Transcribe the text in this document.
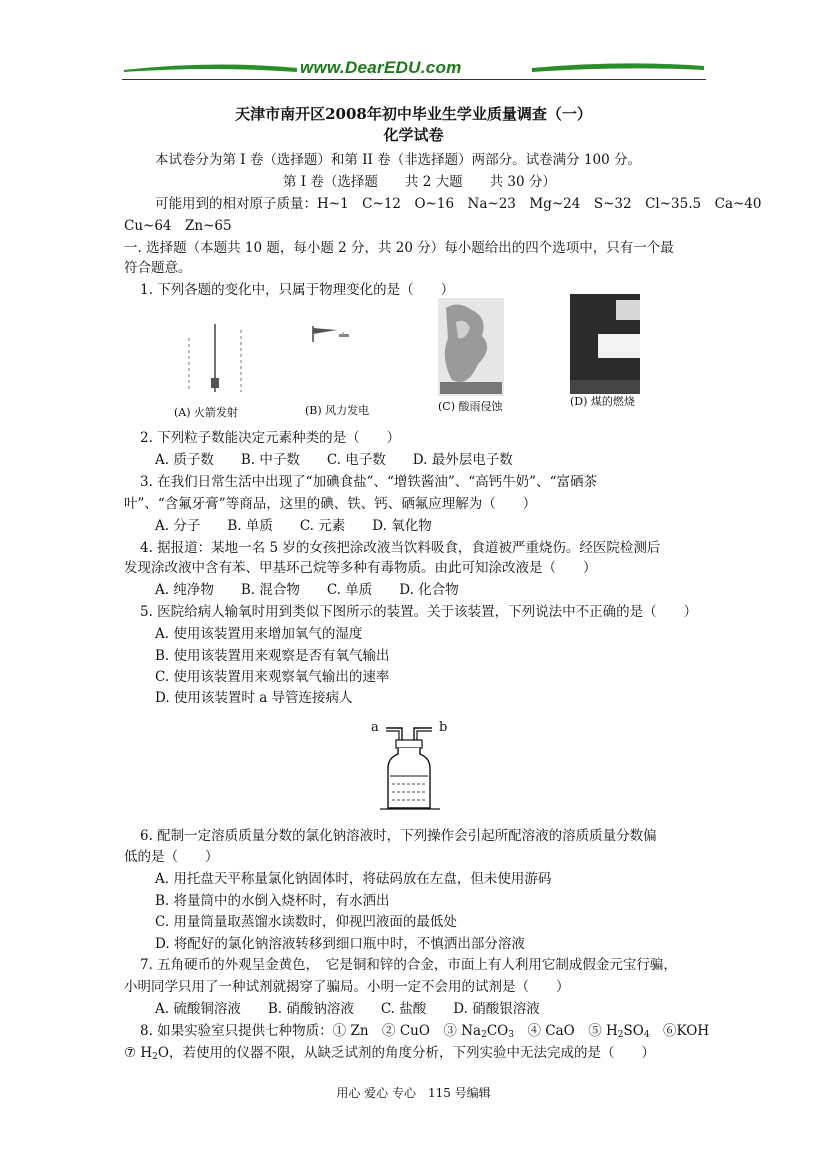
www.DearEDU.com
天津市南开区2008年初中毕业生学业质量调查（一）
化学试卷
本试卷分为第 I 卷（选择题）和第 II 卷（非选择题）两部分。试卷满分 100 分。
第 I 卷（选择题　　共 2 大题　　共 30 分）
可能用到的相对原子质量：H~1　C~12　O~16　Na~23　Mg~24　S~32　Cl~35.5　Ca~40
Cu~64　Zn~65
一. 选择题（本题共 10 题，每小题 2 分，共 20 分）每小题给出的四个选项中，只有一个最
符合题意。
1. 下列各题的变化中，只属于物理变化的是（　　）
(A) 火箭发射	(B) 风力发电	(C) 酸雨侵蚀	(D) 煤的燃烧
2. 下列粒子数能决定元素种类的是（　　）
A. 质子数　　B. 中子数　　C. 电子数　　D. 最外层电子数
3. 在我们日常生活中出现了“加碘食盐”、“增铁酱油”、“高钙牛奶”、“富硒茶
叶”、“含氟牙膏”等商品，这里的碘、铁、钙、硒氟应理解为（　　）
A. 分子　　B. 单质　　C. 元素　　D. 氧化物
4. 据报道：某地一名 5 岁的女孩把涂改液当饮料吸食，食道被严重烧伤。经医院检测后
发现涂改液中含有苯、甲基环己烷等多种有毒物质。由此可知涂改液是（　　）
A. 纯净物　　B. 混合物　　C. 单质　　D. 化合物
5. 医院给病人输氧时用到类似下图所示的装置。关于该装置，下列说法中不正确的是（　　）
A. 使用该装置用来增加氧气的湿度
B. 使用该装置用来观察是否有氧气输出
C. 使用该装置用来观察氧气输出的速率
D. 使用该装置时 a 导管连接病人
a	b
6. 配制一定溶质质量分数的氯化钠溶液时，下列操作会引起所配溶液的溶质质量分数偏
低的是（　　）
A. 用托盘天平称量氯化钠固体时，将砝码放在左盘，但未使用游码
B. 将量筒中的水倒入烧杯时，有水洒出
C. 用量筒量取蒸馏水读数时，仰视凹液面的最低处
D. 将配好的氯化钠溶液转移到细口瓶中时，不慎洒出部分溶液
7. 五角硬币的外观呈金黄色，　它是铜和锌的合金，市面上有人利用它制成假金元宝行骗，
小明同学只用了一种试剂就揭穿了骗局。小明一定不会用的试剂是（　　）
A. 硫酸铜溶液　　B. 硝酸钠溶液　　C. 盐酸　　D. 硝酸银溶液
8. 如果实验室只提供七种物质：① Zn　② CuO　③ $Na_2CO_3$　④ CaO　⑤ $H_2SO_4$　⑥KOH
⑦ $H_2O$，若使用的仪器不限，从缺乏试剂的角度分析，下列实验中无法完成的是（　　）
用心 爱心 专心　115 号编辑
